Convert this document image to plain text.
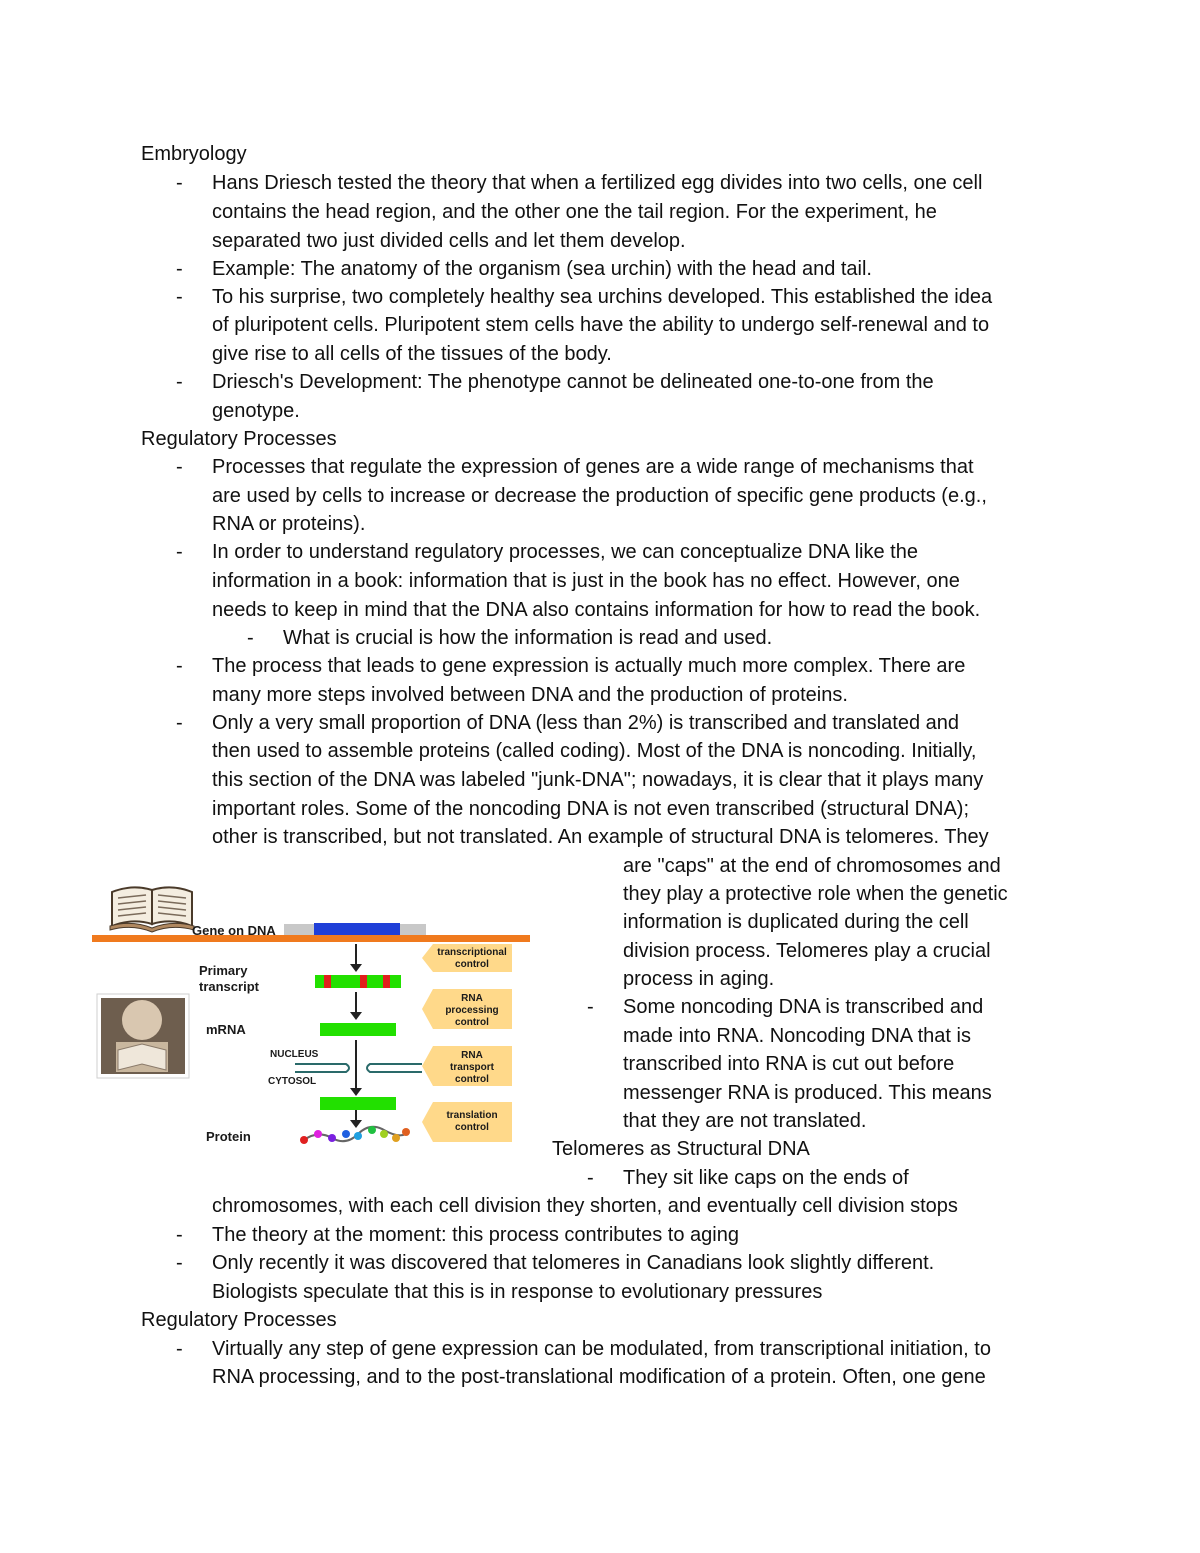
Embryology
- Hans Driesch tested the theory that when a fertilized egg divides into two cells, one cell
contains the head region, and the other one the tail region. For the experiment, he
separated two just divided cells and let them develop.
- Example: The anatomy of the organism (sea urchin) with the head and tail.
- To his surprise, two completely healthy sea urchins developed. This established the idea
of pluripotent cells. Pluripotent stem cells have the ability to undergo self-renewal and to
give rise to all cells of the tissues of the body.
- Driesch's Development: The phenotype cannot be delineated one-to-one from the
genotype.
Regulatory Processes
- Processes that regulate the expression of genes are a wide range of mechanisms that
are used by cells to increase or decrease the production of specific gene products (e.g.,
RNA or proteins).
- In order to understand regulatory processes, we can conceptualize DNA like the
information in a book: information that is just in the book has no effect. However, one
needs to keep in mind that the DNA also contains information for how to read the book.
- What is crucial is how the information is read and used.
- The process that leads to gene expression is actually much more complex. There are
many more steps involved between DNA and the production of proteins.
- Only a very small proportion of DNA (less than 2%) is transcribed and translated and
then used to assemble proteins (called coding). Most of the DNA is noncoding. Initially,
this section of the DNA was labeled "junk-DNA"; nowadays, it is clear that it plays many
important roles. Some of the noncoding DNA is not even transcribed (structural DNA);
other is transcribed, but not translated. An example of structural DNA is telomeres. They
are "caps" at the end of chromosomes and
they play a protective role when the genetic
information is duplicated during the cell
division process. Telomeres play a crucial
process in aging.
- Some noncoding DNA is transcribed and
made into RNA. Noncoding DNA that is
transcribed into RNA is cut out before
messenger RNA is produced. This means
that they are not translated.
Telomeres as Structural DNA
- They sit like caps on the ends of
chromosomes, with each cell division they shorten, and eventually cell division stops
- The theory at the moment: this process contributes to aging
- Only recently it was discovered that telomeres in Canadians look slightly different.
Biologists speculate that this is in response to evolutionary pressures
Regulatory Processes
- Virtually any step of gene expression can be modulated, from transcriptional initiation, to
RNA processing, and to the post-translational modification of a protein. Often, one gene
Gene on DNA
Primary
transcript
mRNA
NUCLEUS
CYTOSOL
Protein
transcriptional
control
RNA
processing
control
RNA
transport
control
translation
control
